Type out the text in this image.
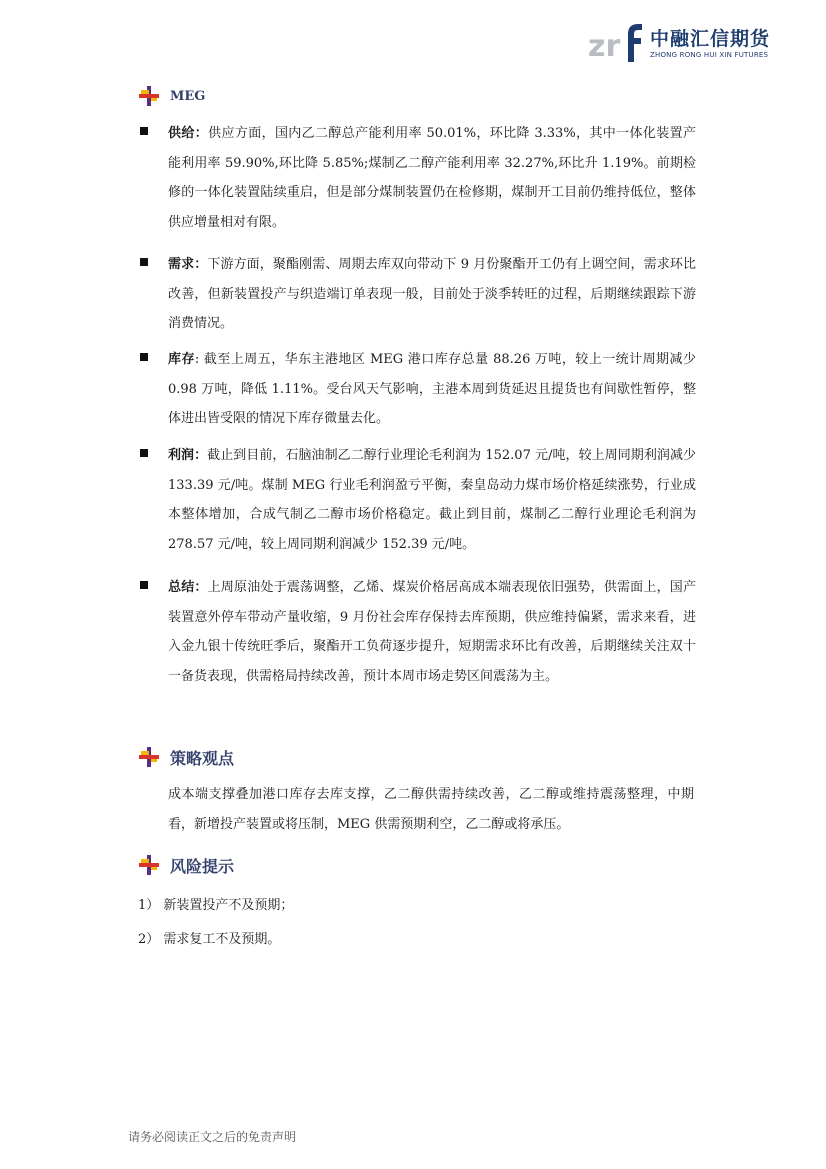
zr 中融汇信期货
ZHONG RONG HUI XIN FUTURES
MEG
供给：供应方面，国内乙二醇总产能利用率 50.01%，环比降 3.33%，其中一体化装置产能利用率 59.90%,环比降 5.85%;煤制乙二醇产能利用率 32.27%,环比升 1.19%。前期检修的一体化装置陆续重启，但是部分煤制装置仍在检修期，煤制开工目前仍维持低位，整体供应增量相对有限。
需求：下游方面，聚酯刚需、周期去库双向带动下 9 月份聚酯开工仍有上调空间，需求环比改善，但新装置投产与织造端订单表现一般，目前处于淡季转旺的过程，后期继续跟踪下游消费情况。
库存: 截至上周五，华东主港地区 MEG 港口库存总量 88.26 万吨，较上一统计周期减少 0.98 万吨，降低 1.11%。受台风天气影响，主港本周到货延迟且提货也有间歇性暂停，整体进出皆受限的情况下库存微量去化。
利润：截止到目前，石脑油制乙二醇行业理论毛利润为 152.07 元/吨，较上周同期利润减少 133.39 元/吨。煤制 MEG 行业毛利润盈亏平衡，秦皇岛动力煤市场价格延续涨势，行业成本整体增加，合成气制乙二醇市场价格稳定。截止到目前，煤制乙二醇行业理论毛利润为 278.57 元/吨，较上周同期利润减少 152.39 元/吨。
总结：上周原油处于震荡调整，乙烯、煤炭价格居高成本端表现依旧强势，供需面上，国产装置意外停车带动产量收缩，9 月份社会库存保持去库预期，供应维持偏紧，需求来看，进入金九银十传统旺季后，聚酯开工负荷逐步提升，短期需求环比有改善，后期继续关注双十一备货表现，供需格局持续改善，预计本周市场走势区间震荡为主。
策略观点
成本端支撑叠加港口库存去库支撑，乙二醇供需持续改善，乙二醇或维持震荡整理，中期看，新增投产装置或将压制，MEG 供需预期利空，乙二醇或将承压。
风险提示
1） 新装置投产不及预期；
2） 需求复工不及预期。
请务必阅读正文之后的免责声明
